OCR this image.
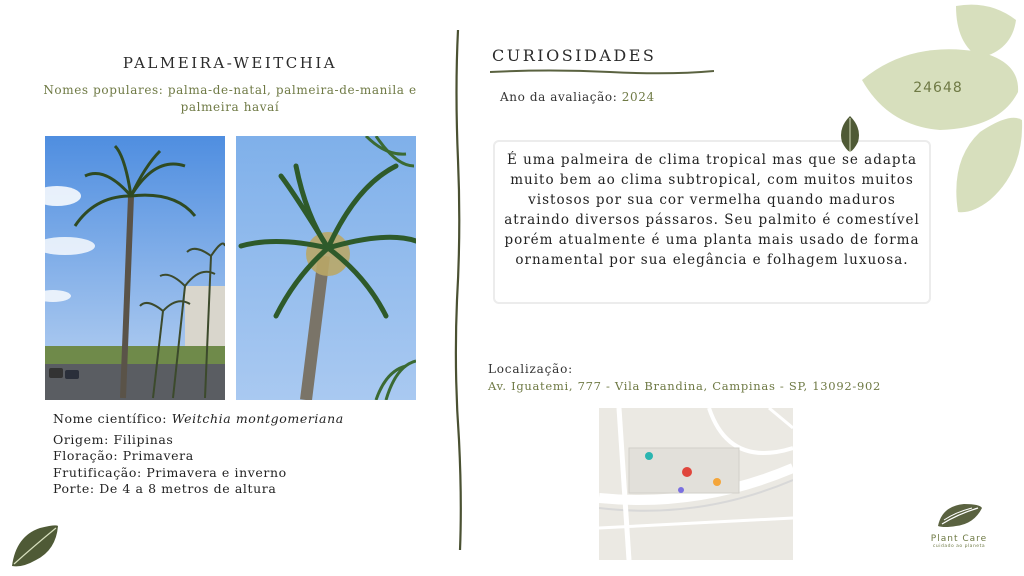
PALMEIRA-WEITCHIA
Nomes populares: palma-de-natal, palmeira-de-manila e palmeira havaí
Nome científico: Weitchia montgomeriana
Origem: Filipinas
Floração: Primavera
Frutificação: Primavera e inverno
Porte: De 4 a 8 metros de altura
CURIOSIDADES
Ano da avaliação: 2024
É uma palmeira de clima tropical mas que se adapta muito bem ao clima subtropical, com muitos muitos vistosos por sua cor vermelha quando maduros atraindo diversos pássaros. Seu palmito é comestível porém atualmente é uma planta mais usado de forma ornamental por sua elegância e folhagem luxuosa.
Localização:
Av. Iguatemi, 777 - Vila Brandina, Campinas - SP, 13092-902
24648
Plant Care
cuidado ao planeta
